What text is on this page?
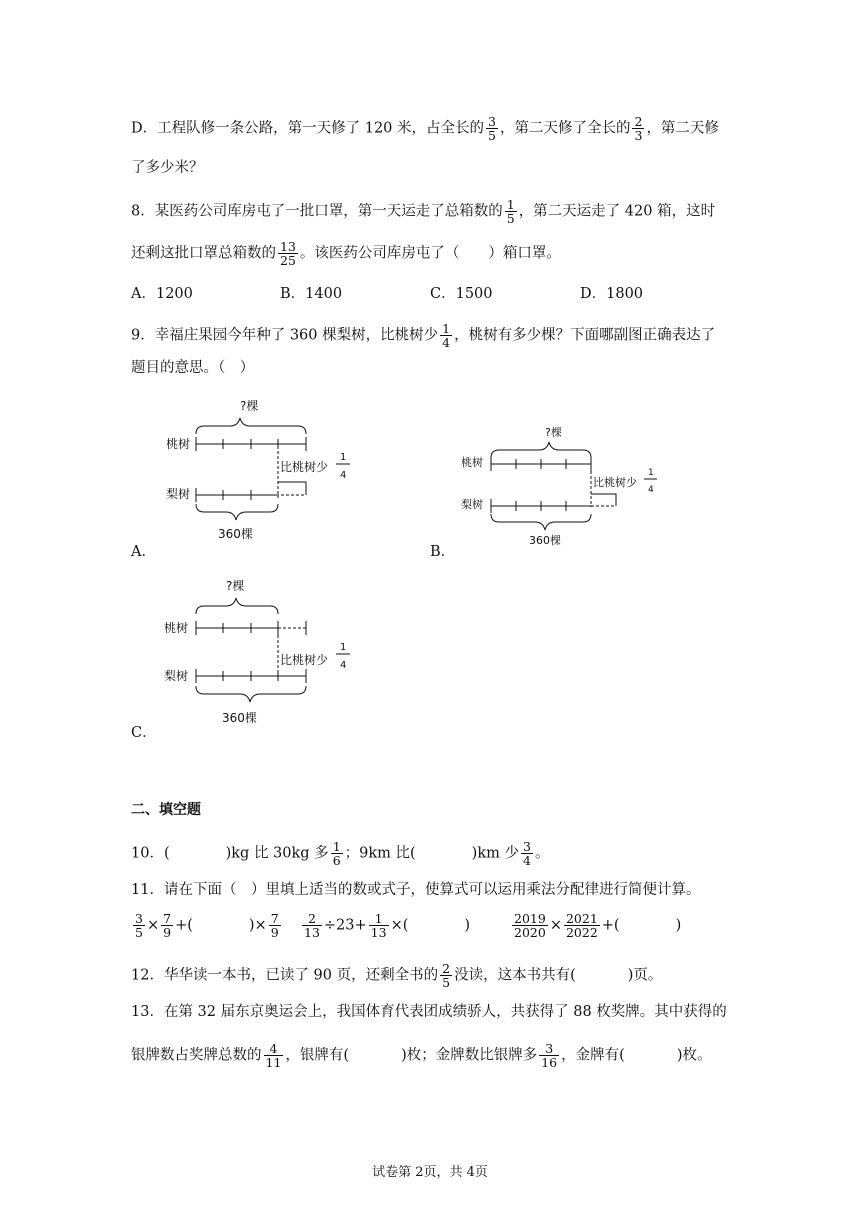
D．工程队修一条公路，第一天修了 120 米，占全长的 $\frac{3}{5}$ ，第二天修了全长的 $\frac{2}{3}$ ，第二天修
了多少米？
8．某医药公司库房屯了一批口罩，第一天运走了总箱数的 $\frac{1}{5}$ ，第二天运走了 420 箱，这时
还剩这批口罩总箱数的 $\frac{13}{25}$ 。该医药公司库房屯了（　　）箱口罩。
A．1200	B．1400	C．1500	D．1800
9．幸福庄果园今年种了 360 棵梨树，比桃树少 $\frac{1}{4}$ ，桃树有多少棵？下面哪副图正确表达了
题目的意思。（　）
?棵
桃树
比桃树少
1
4
梨树
360棵
A．
?棵
桃树
比桃树少
1
4
梨树
360棵
B．
?棵
桃树
比桃树少
1
4
梨树
360棵
C．
二、填空题
10．(	)kg 比 30kg 多 $\frac{1}{6}$ ；9km 比(	)km 少 $\frac{3}{4}$ 。
11．请在下面（　）里填上适当的数或式子，使算式可以运用乘法分配律进行简便计算。
$\frac{3}{5} \times \frac{7}{9}$ +(	)× $\frac{7}{9} \frac{2}{13} \div 23+ \frac{1}{13}$ ×(	)	$\frac{2019}{2020} \times \frac{2021}{2022}$ +(	)
12．华华读一本书，已读了 90 页，还剩全书的 $\frac{2}{5}$ 没读，这本书共有(	)页。
13．在第 32 届东京奥运会上，我国体育代表团成绩骄人，共获得了 88 枚奖牌。其中获得的
银牌数占奖牌总数的 $\frac{4}{11}$ ，银牌有(	)枚；金牌数比银牌多 $\frac{3}{16}$ ，金牌有(	)枚。
试卷第 2页，共 4页
